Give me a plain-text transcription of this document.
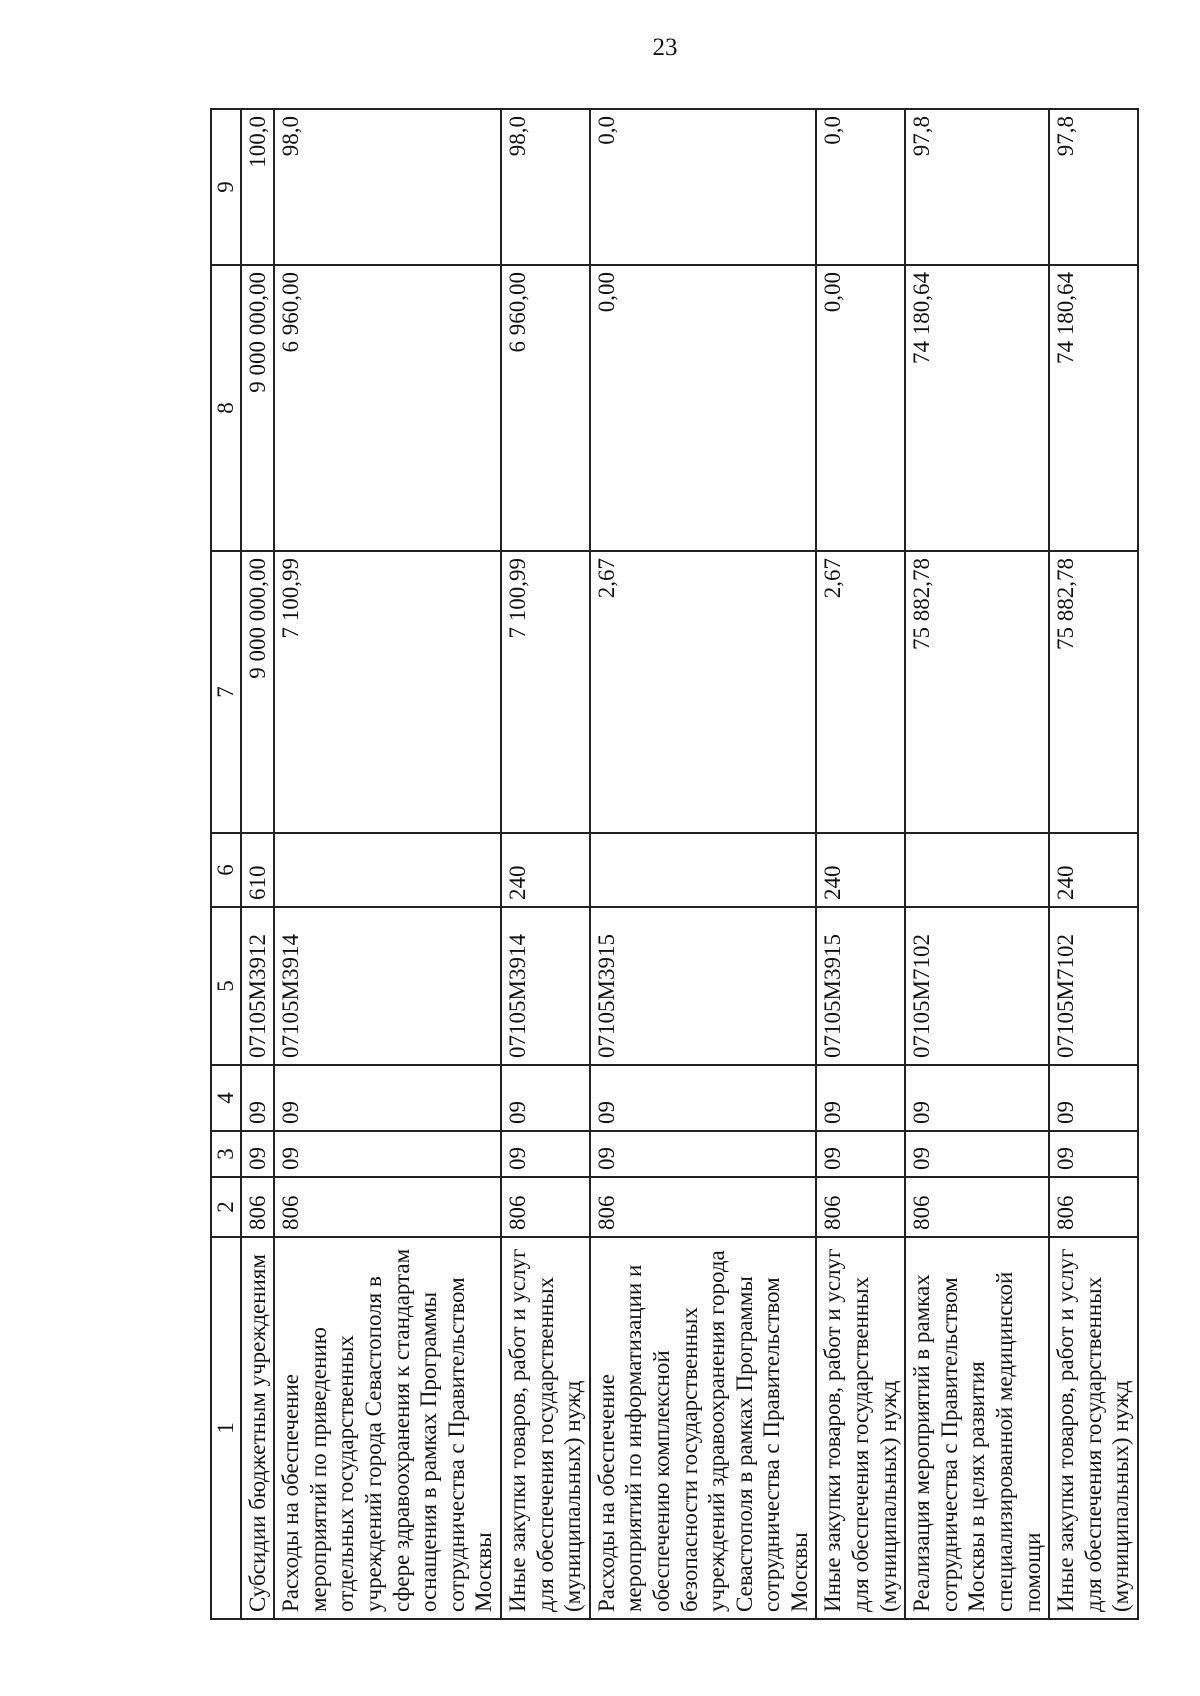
23
1	2	3	4	5	6	7	8	9
Субсидии бюджетным учреждениям	806	09	09	07105М3912	610	9 000 000,00	9 000 000,00	100,0
Расходы на обеспечение мероприятий по приведению отдельных государственных учреждений города Севастополя в сфере здравоохранения к стандартам оснащения в рамках Программы сотрудничества с Правительством Москвы	806	09	09	07105М3914		7 100,99	6 960,00	98,0
Иные закупки товаров, работ и услуг для обеспечения государственных (муниципальных) нужд	806	09	09	07105М3914	240	7 100,99	6 960,00	98,0
Расходы на обеспечение мероприятий по информатизации и обеспечению комплексной безопасности государственных учреждений здравоохранения города Севастополя в рамках Программы сотрудничества с Правительством Москвы	806	09	09	07105М3915		2,67	0,00	0,0
Иные закупки товаров, работ и услуг для обеспечения государственных (муниципальных) нужд	806	09	09	07105М3915	240	2,67	0,00	0,0
Реализация мероприятий в рамках сотрудничества с Правительством Москвы в целях развития специализированной медицинской помощи	806	09	09	07105М7102		75 882,78	74 180,64	97,8
Иные закупки товаров, работ и услуг для обеспечения государственных (муниципальных) нужд	806	09	09	07105М7102	240	75 882,78	74 180,64	97,8
